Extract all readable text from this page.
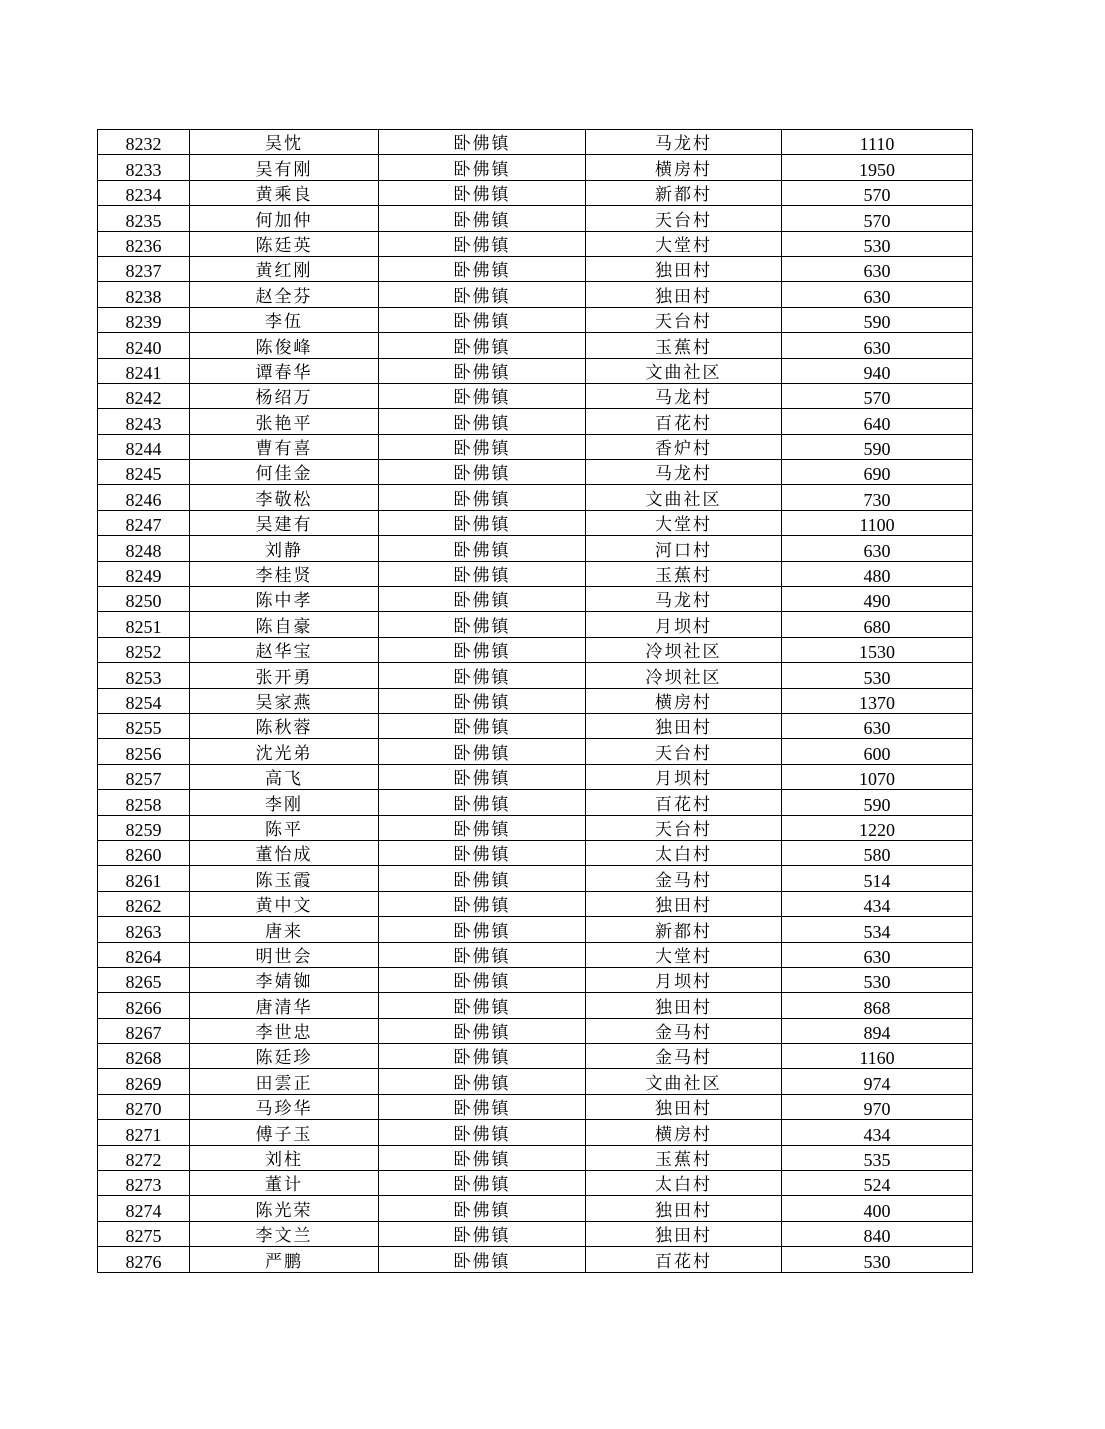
8232	吴忱	卧佛镇	马龙村	1110
8233	吴有刚	卧佛镇	横房村	1950
8234	黄乘良	卧佛镇	新都村	570
8235	何加仲	卧佛镇	天台村	570
8236	陈廷英	卧佛镇	大堂村	530
8237	黄红刚	卧佛镇	独田村	630
8238	赵全芬	卧佛镇	独田村	630
8239	李伍	卧佛镇	天台村	590
8240	陈俊峰	卧佛镇	玉蕉村	630
8241	谭春华	卧佛镇	文曲社区	940
8242	杨绍万	卧佛镇	马龙村	570
8243	张艳平	卧佛镇	百花村	640
8244	曹有喜	卧佛镇	香炉村	590
8245	何佳金	卧佛镇	马龙村	690
8246	李敬松	卧佛镇	文曲社区	730
8247	吴建有	卧佛镇	大堂村	1100
8248	刘静	卧佛镇	河口村	630
8249	李桂贤	卧佛镇	玉蕉村	480
8250	陈中孝	卧佛镇	马龙村	490
8251	陈自豪	卧佛镇	月坝村	680
8252	赵华宝	卧佛镇	冷坝社区	1530
8253	张开勇	卧佛镇	冷坝社区	530
8254	吴家燕	卧佛镇	横房村	1370
8255	陈秋蓉	卧佛镇	独田村	630
8256	沈光弟	卧佛镇	天台村	600
8257	高飞	卧佛镇	月坝村	1070
8258	李刚	卧佛镇	百花村	590
8259	陈平	卧佛镇	天台村	1220
8260	董怡成	卧佛镇	太白村	580
8261	陈玉霞	卧佛镇	金马村	514
8262	黄中文	卧佛镇	独田村	434
8263	唐来	卧佛镇	新都村	534
8264	明世会	卧佛镇	大堂村	630
8265	李婧铷	卧佛镇	月坝村	530
8266	唐清华	卧佛镇	独田村	868
8267	李世忠	卧佛镇	金马村	894
8268	陈廷珍	卧佛镇	金马村	1160
8269	田雲正	卧佛镇	文曲社区	974
8270	马珍华	卧佛镇	独田村	970
8271	傅子玉	卧佛镇	横房村	434
8272	刘柱	卧佛镇	玉蕉村	535
8273	董计	卧佛镇	太白村	524
8274	陈光荣	卧佛镇	独田村	400
8275	李文兰	卧佛镇	独田村	840
8276	严鹏	卧佛镇	百花村	530
